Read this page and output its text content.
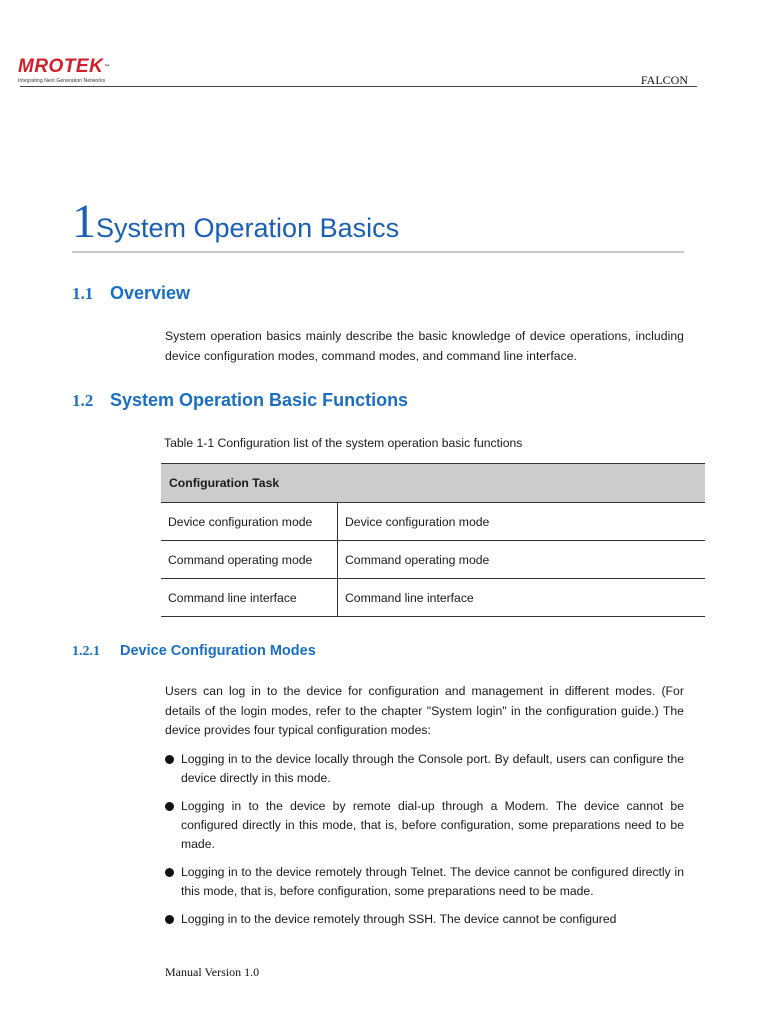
MROTEK™
Integrating Next Generation Networks	FALCON
1System Operation Basics
1.1 Overview
System operation basics mainly describe the basic knowledge of device operations, including device configuration modes, command modes, and command line interface.
1.2 System Operation Basic Functions
Table 1-1 Configuration list of the system operation basic functions
Configuration Task	
Device configuration mode	Device configuration mode
Command operating mode	Command operating mode
Command line interface	Command line interface
1.2.1 Device Configuration Modes
Users can log in to the device for configuration and management in different modes. (For details of the login modes, refer to the chapter "System login" in the configuration guide.) The device provides four typical configuration modes:
Logging in to the device locally through the Console port. By default, users can configure the device directly in this mode.
Logging in to the device by remote dial-up through a Modem. The device cannot be configured directly in this mode, that is, before configuration, some preparations need to be made.
Logging in to the device remotely through Telnet. The device cannot be configured directly in this mode, that is, before configuration, some preparations need to be made.
Logging in to the device remotely through SSH. The device cannot be configured
Manual Version 1.0
